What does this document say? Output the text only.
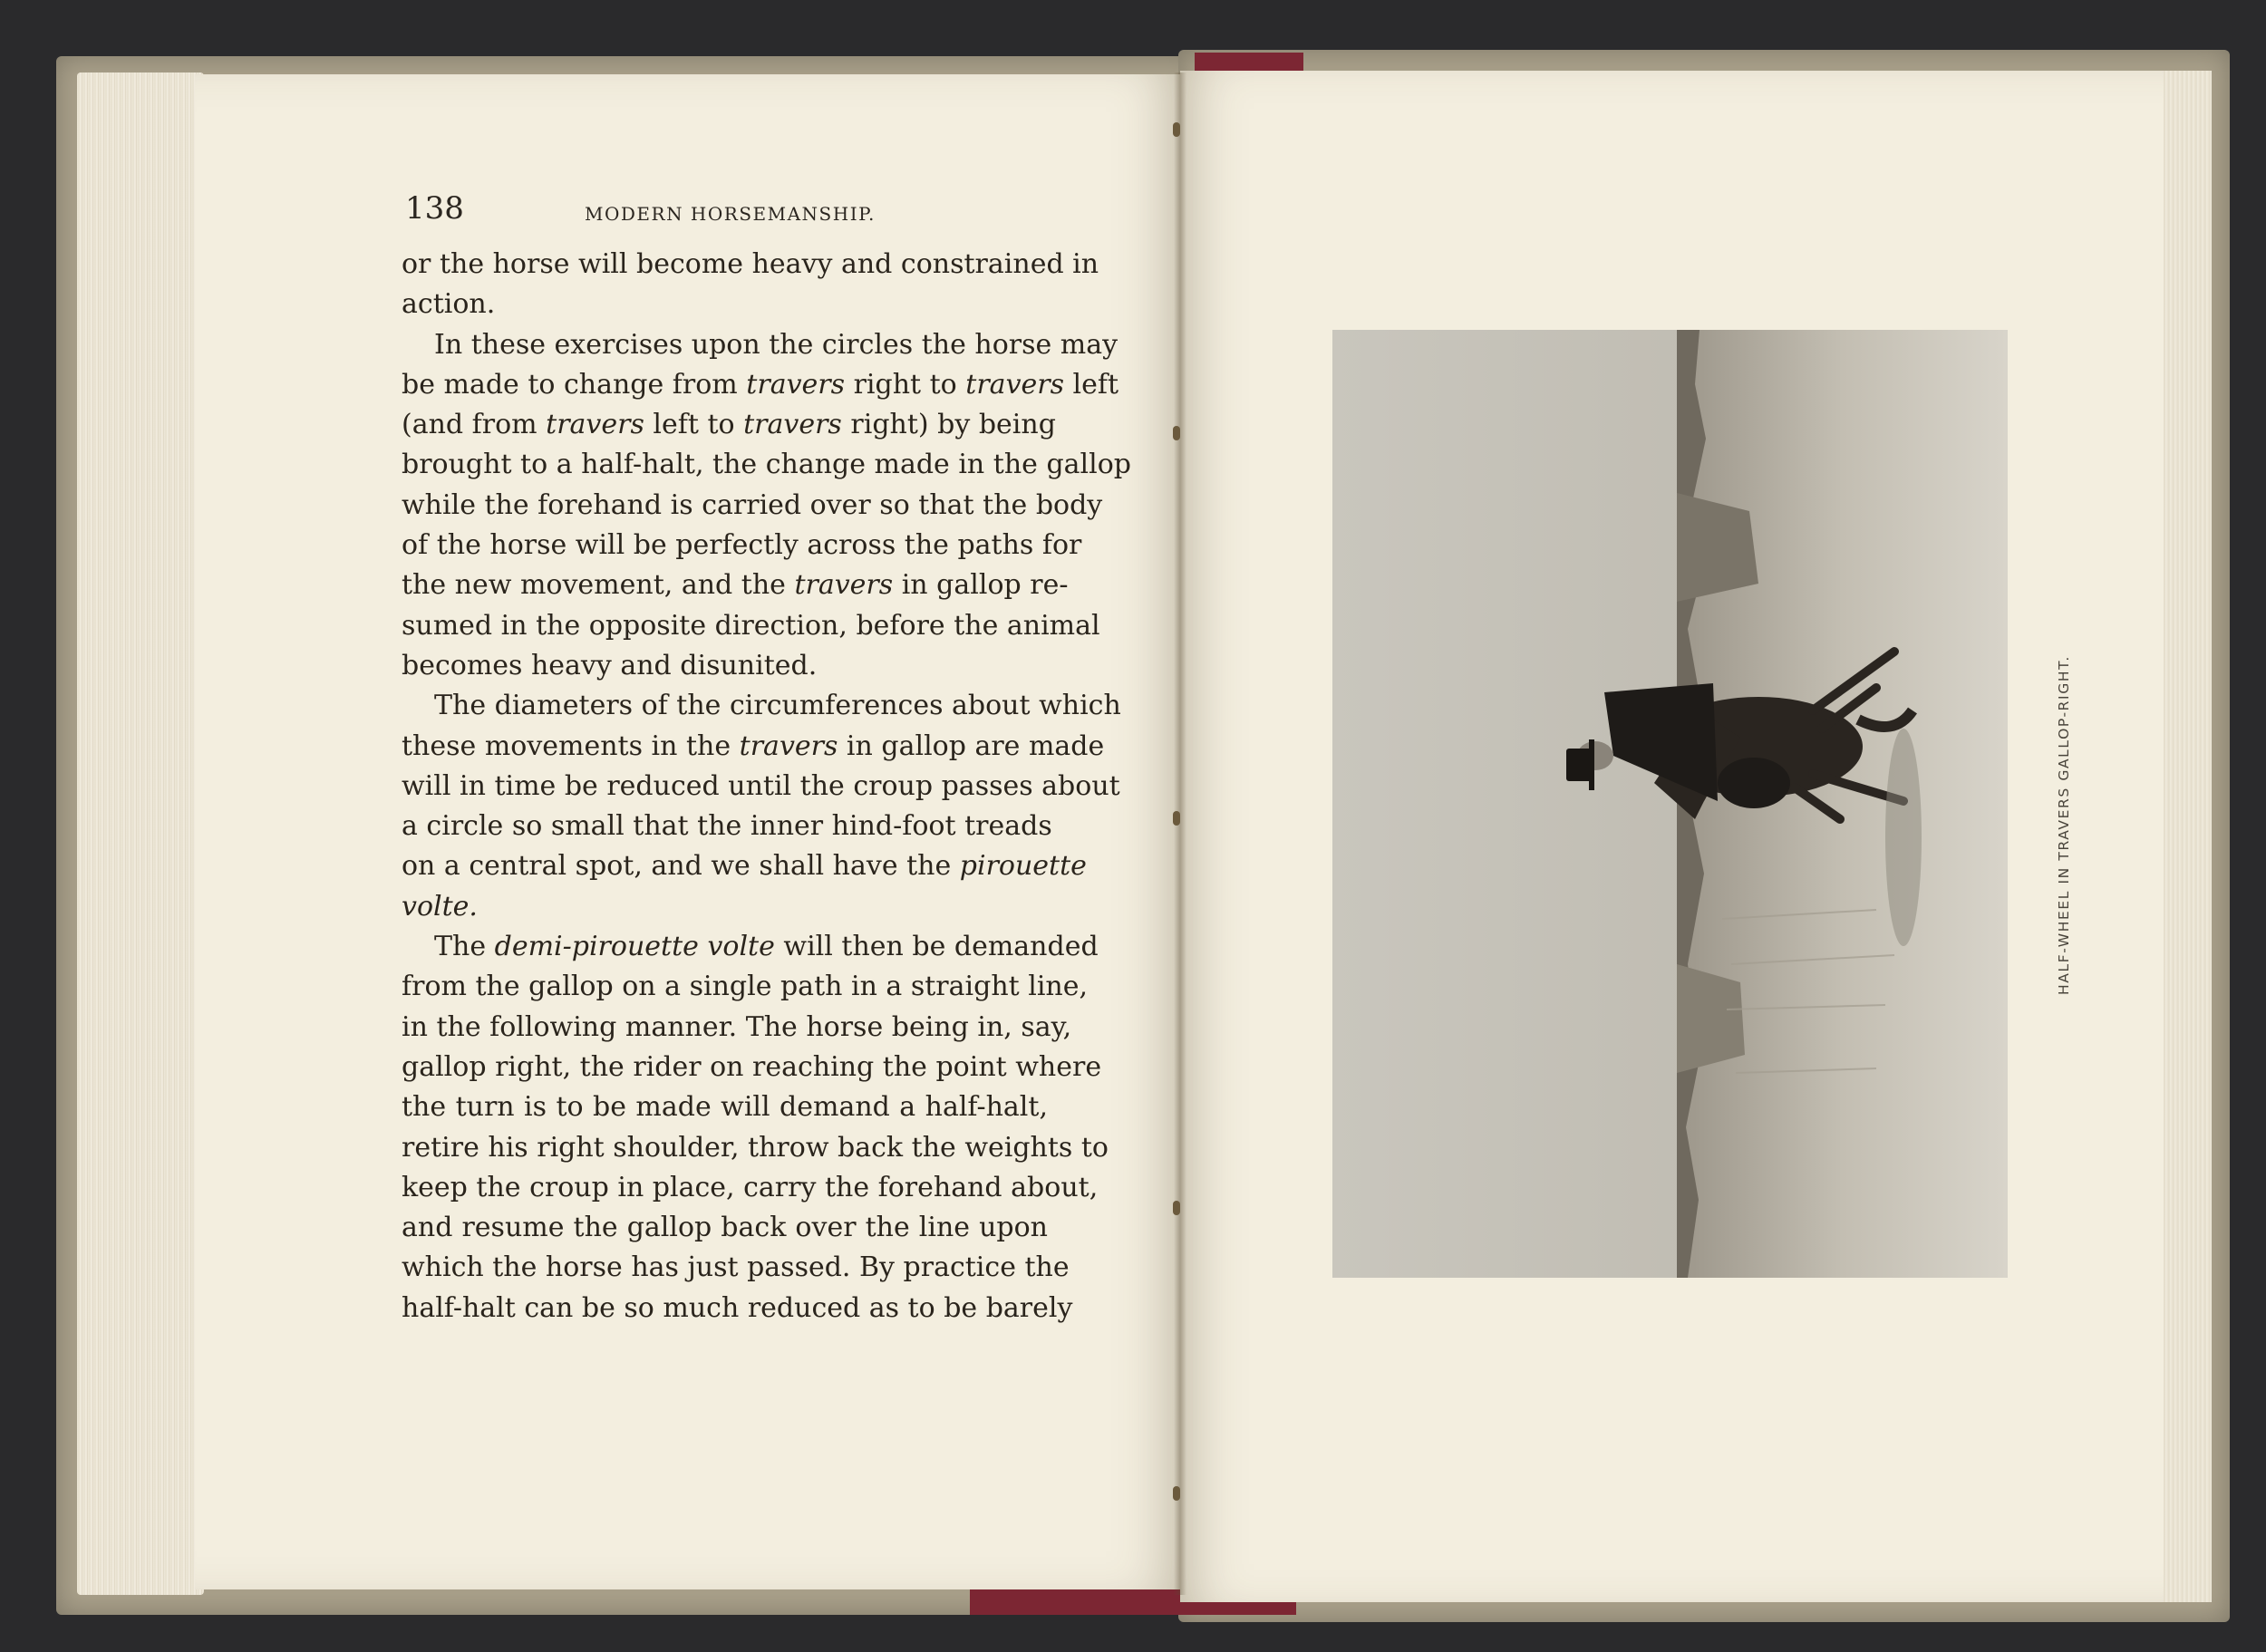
138	MODERN HORSEMANSHIP.
or the horse will become heavy and constrained in
action.
In these exercises upon the circles the horse may
be made to change from travers right to travers left
(and from travers left to travers right) by being
brought to a half-halt, the change made in the gallop
while the forehand is carried over so that the body
of the horse will be perfectly across the paths for
the new movement, and the travers in gallop re-
sumed in the opposite direction, before the animal
becomes heavy and disunited.
The diameters of the circumferences about which
these movements in the travers in gallop are made
will in time be reduced until the croup passes about
a circle so small that the inner hind-foot treads
on a central spot, and we shall have the pirouette
volte.
The demi-pirouette volte will then be demanded
from the gallop on a single path in a straight line,
in the following manner. The horse being in, say,
gallop right, the rider on reaching the point where
the turn is to be made will demand a half-halt,
retire his right shoulder, throw back the weights to
keep the croup in place, carry the forehand about,
and resume the gallop back over the line upon
which the horse has just passed. By practice the
half-halt can be so much reduced as to be barely
HALF-WHEEL IN TRAVERS GALLOP-RIGHT.
